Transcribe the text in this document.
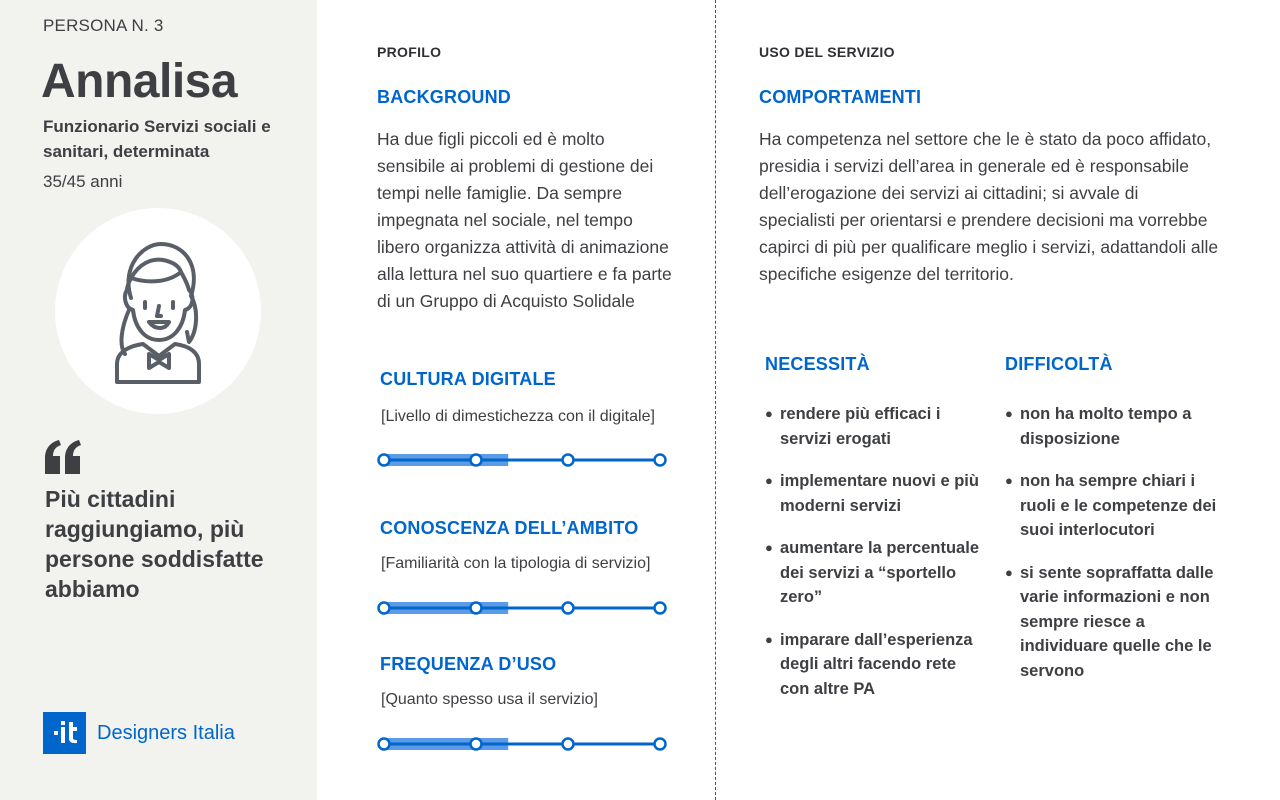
PERSONA N. 3
Annalisa
Funzionario Servizi sociali e sanitari, determinata
35/45 anni
Più cittadini raggiungiamo, più persone soddisfatte abbiamo
Designers Italia
PROFILO
BACKGROUND
Ha due figli piccoli ed è molto sensibile ai problemi di gestione dei tempi nelle famiglie. Da sempre impegnata nel sociale, nel tempo libero organizza attività di animazione alla lettura nel suo quartiere e fa parte di un Gruppo di Acquisto Solidale
CULTURA DIGITALE
[Livello di dimestichezza con il digitale]
CONOSCENZA DELL’AMBITO
[Familiarità con la tipologia di servizio]
FREQUENZA D’USO
[Quanto spesso usa il servizio]
USO DEL SERVIZIO
COMPORTAMENTI
Ha competenza nel settore che le è stato da poco affidato, presidia i servizi dell’area in generale ed è responsabile dell’erogazione dei servizi ai cittadini; si avvale di specialisti per orientarsi e prendere decisioni ma vorrebbe capirci di più per qualificare meglio i servizi, adattandoli alle specifiche esigenze del territorio.
NECESSITÀ
● rendere più efficaci i servizi erogati
● implementare nuovi e più moderni servizi
● aumentare la percentuale dei servizi a “sportello zero”
● imparare dall’esperienza degli altri facendo rete con altre PA
DIFFICOLTÀ
● non ha molto tempo a disposizione
● non ha sempre chiari i ruoli e le competenze dei suoi interlocutori
● si sente sopraffatta dalle varie informazioni e non sempre riesce a individuare quelle che le servono
